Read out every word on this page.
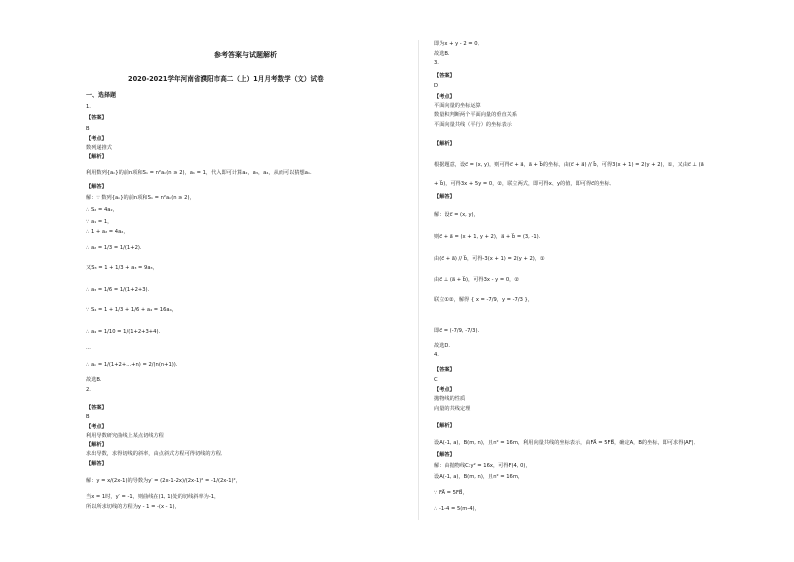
参考答案与试题解析
2020-2021学年河南省濮阳市高二（上）1月月考数学（文）试卷
一、选择题
1.
【答案】
B
【考点】
数列递推式
【解析】
利用数列{aₙ}的前n项和Sₙ = n²aₙ(n ≥ 2)，a₁ = 1，代入即可计算a₂，a₃，a₄，从而可以猜想aₙ.
【解答】
解：∵ 数列{aₙ}的前n项和Sₙ = n²aₙ(n ≥ 2)，
∴ S₂ = 4a₂，
∵ a₁ = 1，
∴ 1 + a₂ = 4a₂，
∴ a₂ = 1/3 = 1/(1+2).
又S₃ = 1 + 1/3 + a₃ = 9a₃，
∴ a₃ = 1/6 = 1/(1+2+3).
∵ S₄ = 1 + 1/3 + 1/6 + a₄ = 16a₄，
∴ a₄ = 1/10 = 1/(1+2+3+4).
...
∴ aₙ = 1/(1+2+...+n) = 2/(n(n+1)).
故选B.
2.
【答案】
B
【考点】
利用导数研究曲线上某点切线方程
【解析】
求出导数，求得切线的斜率，由点斜式方程可得切线的方程．
【解答】
解：y = x/(2x-1)的导数为y′ = (2x-1-2x)/(2x-1)² = -1/(2x-1)²，
当x = 1时，y′ = -1，则曲线在(1, 1)处的切线斜率为-1，
所以所求切线的方程为y - 1 = -(x - 1)，
即为x + y - 2 = 0．
故选B.
3.
【答案】
D
【考点】
平面向量的坐标运算
数量积判断两个平面向量的垂直关系
平面向量共线（平行）的坐标表示
【解析】
根据题意，设c⃗ = (x, y)，则可得c⃗ + a⃗，a⃗ + b⃗的坐标，由(c⃗ + a⃗) // b⃗，可得3(x + 1) = 2(y + 2)，①，又由c⃗ ⊥ (a⃗
+ b⃗)，可得3x + 5y = 0，②，联立两式，即可得x、y的值，即可得c⃗的坐标．
【解答】
解：设c⃗ = (x, y)，
则c⃗ + a⃗ = (x + 1, y + 2)，a⃗ + b⃗ = (3, -1).
由(c⃗ + a⃗) // b⃗，可得-3(x + 1) = 2(y + 2)，①
由c⃗ ⊥ (a⃗ + b⃗)，可得3x - y = 0，②
联立①②，解得 { x = -7/9，y = -7/3 }，
即c⃗ = (-7/9, -7/3).
故选D.
4.
【答案】
C
【考点】
抛物线的性质
向量的共线定理
【解析】
设A(-1, a)，B(m, n)，且n² = 16m，利用向量共线的坐标表示，由FA⃗ = 5FB⃗，确定A，B的坐标，即可求得|AF|．
【解答】
解：由抛物线C:y² = 16x，可得F(4, 0)，
设A(-1, a)，B(m, n)，且n² = 16m，
∵ FA⃗ = 5FB⃗，
∴ -1-4 = 5(m-4)，
